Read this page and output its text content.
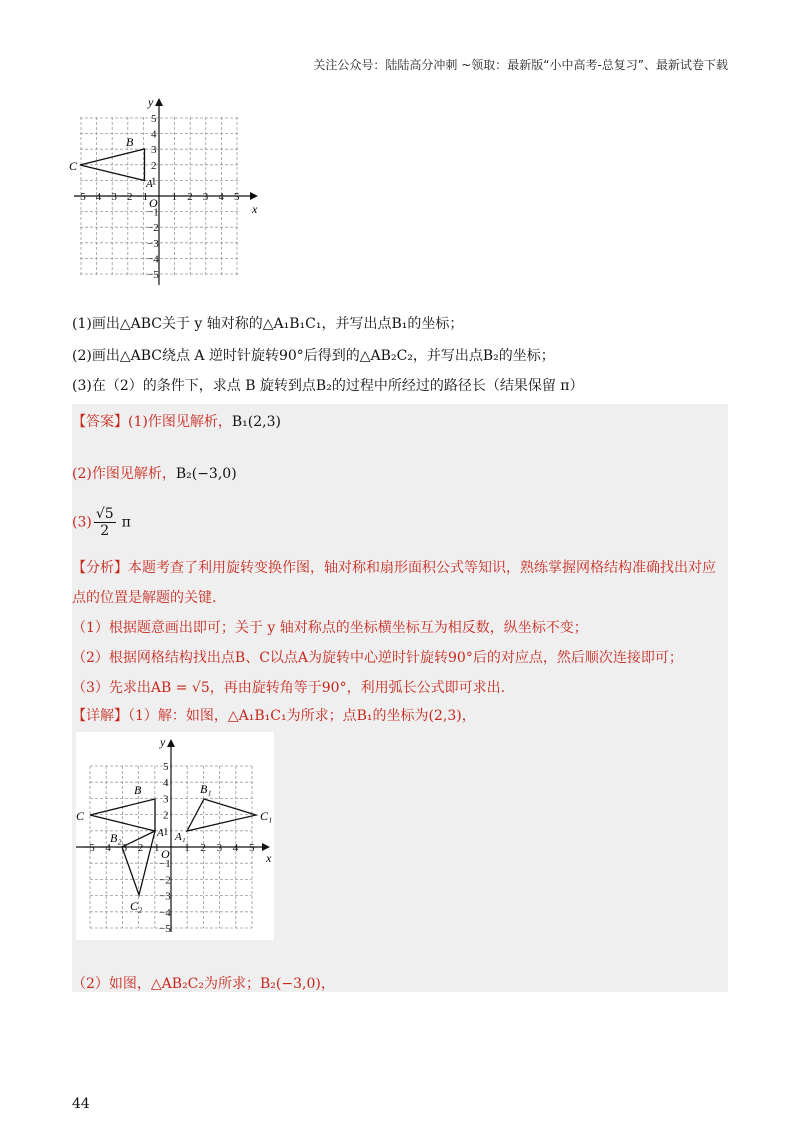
关注公众号：陆陆高分冲刺 ~领取：最新版“小中高考-总复习”、最新试卷下载
−5 −4 −3 −2 −1 1 2 3 4 5
5
4
3
2
1
−1
−2
−3
−4
−5
x
y
O
B
C
A
(1)画出△ABC关于 y 轴对称的△A₁B₁C₁，并写出点B₁的坐标；
(2)画出△ABC绕点 A 逆时针旋转90°后得到的△AB₂C₂，并写出点B₂的坐标；
(3)在（2）的条件下，求点 B 旋转到点B₂的过程中所经过的路径长（结果保留 π）
【答案】(1)作图见解析，B₁(2,3)
(2)作图见解析，B₂(−3,0)
$(3) \frac{√5}{2}$ π
【分析】本题考查了利用旋转变换作图，轴对称和扇形面积公式等知识，熟练掌握网格结构准确找出对应
点的位置是解题的关键.
（1）根据题意画出即可；关于 y 轴对称点的坐标横坐标互为相反数，纵坐标不变；
（2）根据网格结构找出点B、C以点A为旋转中心逆时针旋转90°后的对应点，然后顺次连接即可；
（3）先求出AB = √5，再由旋转角等于90°，利用弧长公式即可求出.
【详解】（1）解：如图，△A₁B₁C₁为所求；点B₁的坐标为(2,3)，
−5 −4 −3 −2 −1 1 2 3 4 5
5
4
3
2
1
−1
−2
−3
−4
−5
x
y
O
B
C
A
B₁
C₁
A₁
B₂
C₂
（2）如图，△AB₂C₂为所求；B₂(−3,0)，
44
